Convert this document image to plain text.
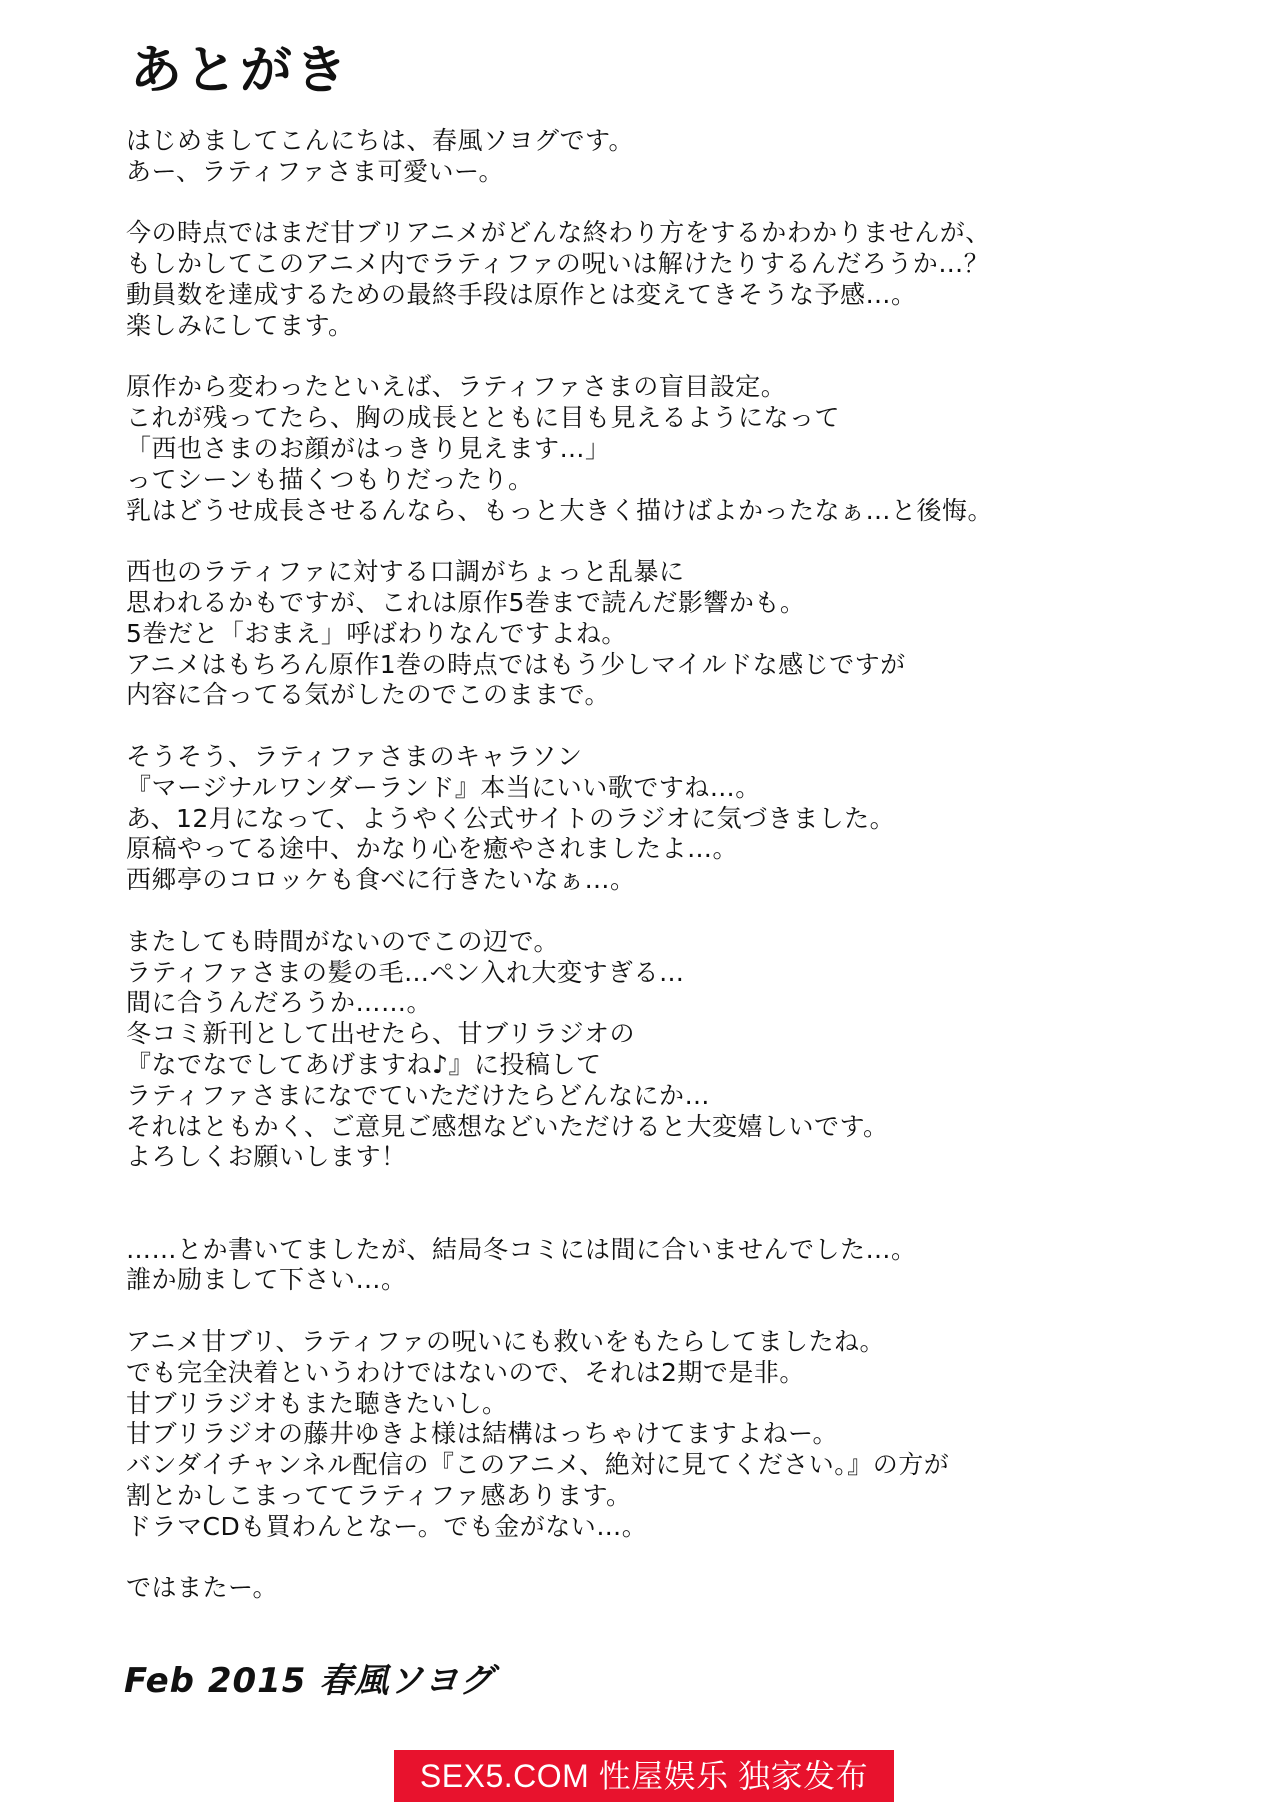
あとがき
はじめましてこんにちは、春風ソヨグです。
あー、ラティファさま可愛いー。
今の時点ではまだ甘ブリアニメがどんな終わり方をするかわかりませんが、
もしかしてこのアニメ内でラティファの呪いは解けたりするんだろうか…？
動員数を達成するための最終手段は原作とは変えてきそうな予感…。
楽しみにしてます。
原作から変わったといえば、ラティファさまの盲目設定。
これが残ってたら、胸の成長とともに目も見えるようになって
「西也さまのお顔がはっきり見えます…」
ってシーンも描くつもりだったり。
乳はどうせ成長させるんなら、もっと大きく描けばよかったなぁ…と後悔。
西也のラティファに対する口調がちょっと乱暴に
思われるかもですが、これは原作5巻まで読んだ影響かも。
5巻だと「おまえ」呼ばわりなんですよね。
アニメはもちろん原作1巻の時点ではもう少しマイルドな感じですが
内容に合ってる気がしたのでこのままで。
そうそう、ラティファさまのキャラソン
『マージナルワンダーランド』本当にいい歌ですね…。
あ、12月になって、ようやく公式サイトのラジオに気づきました。
原稿やってる途中、かなり心を癒やされましたよ…。
西郷亭のコロッケも食べに行きたいなぁ…。
またしても時間がないのでこの辺で。
ラティファさまの髪の毛…ペン入れ大変すぎる…
間に合うんだろうか……。
冬コミ新刊として出せたら、甘ブリラジオの
『なでなでしてあげますね♪』に投稿して
ラティファさまになでていただけたらどんなにか…
それはともかく、ご意見ご感想などいただけると大変嬉しいです。
よろしくお願いします！
……とか書いてましたが、結局冬コミには間に合いませんでした…。
誰か励まして下さい…。
アニメ甘ブリ、ラティファの呪いにも救いをもたらしてましたね。
でも完全決着というわけではないので、それは2期で是非。
甘ブリラジオもまた聴きたいし。
甘ブリラジオの藤井ゆきよ様は結構はっちゃけてますよねー。
バンダイチャンネル配信の『このアニメ、絶対に見てください。』の方が
割とかしこまっててラティファ感あります。
ドラマCDも買わんとなー。でも金がない…。
ではまたー。
Feb 2015 春風ソヨグ
SEX5.COM 性屋娱乐 独家发布
